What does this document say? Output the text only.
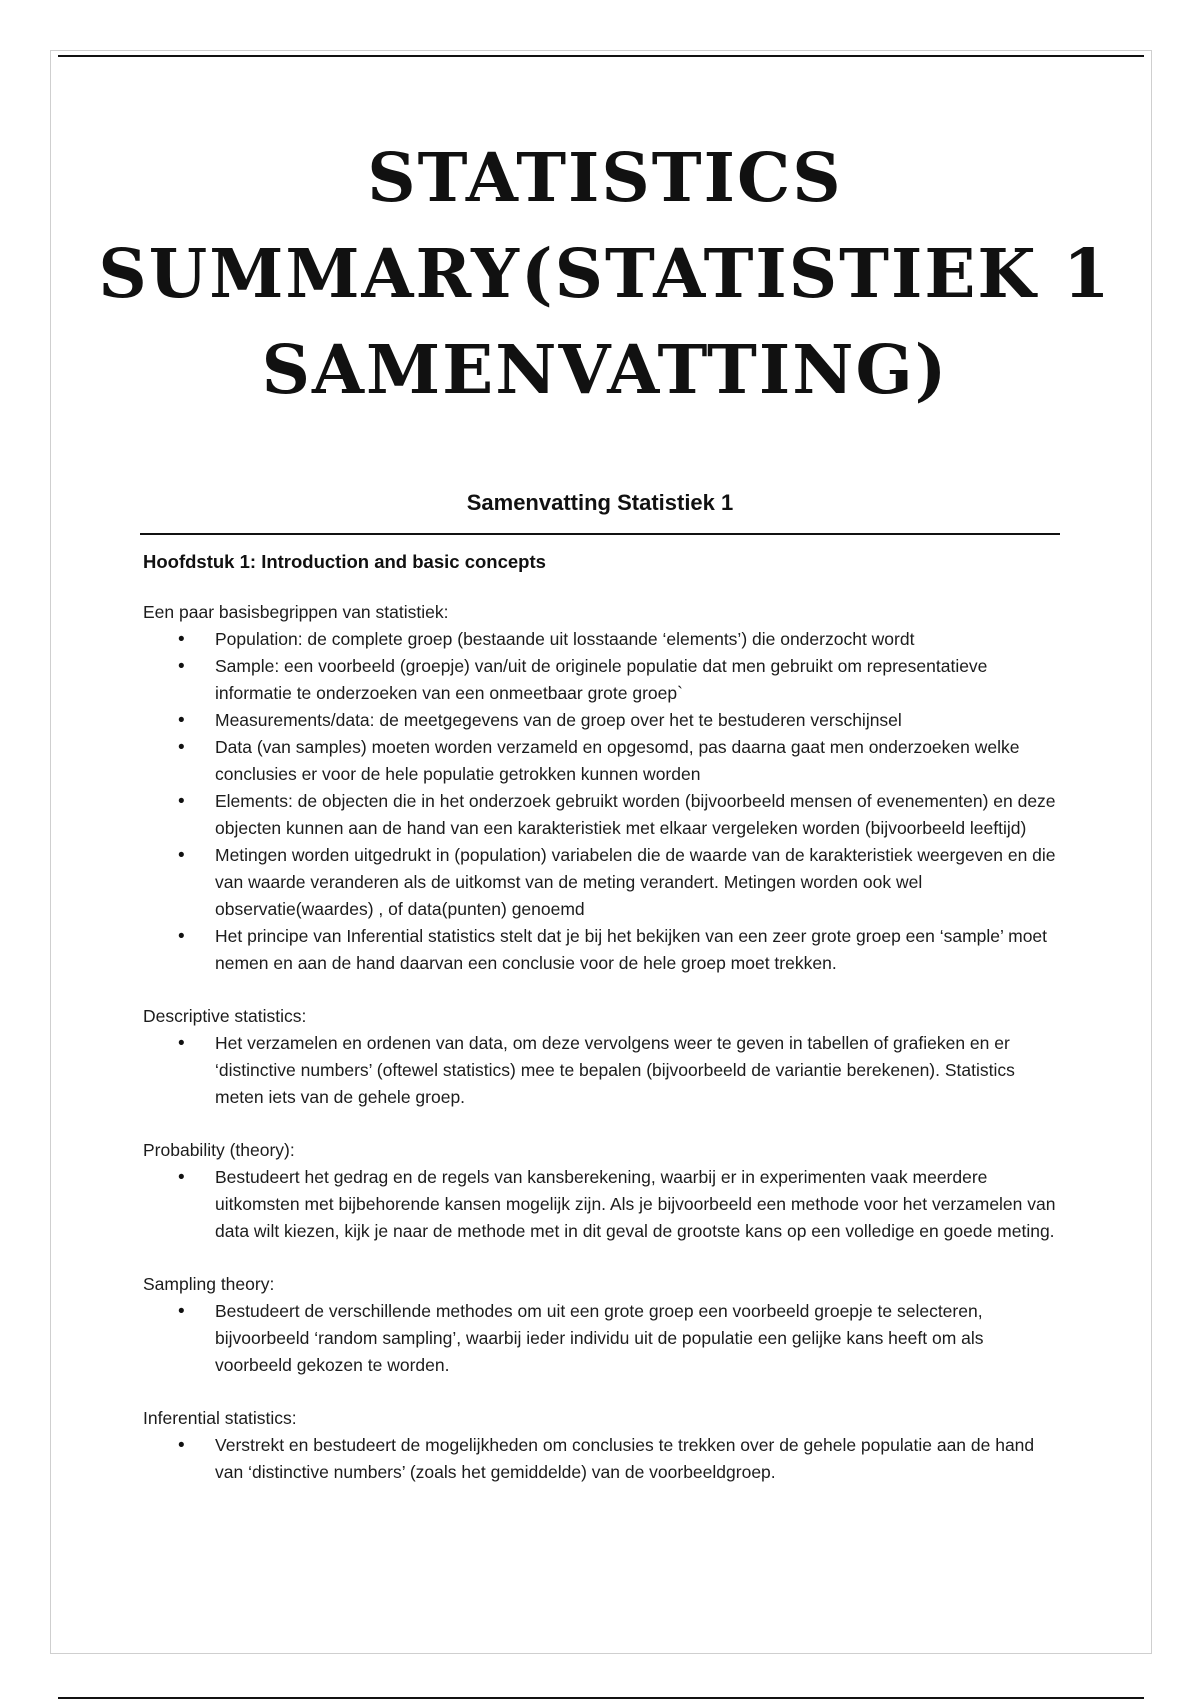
STATISTICS
SUMMARY(STATISTIEK 1
SAMENVATTING)
Samenvatting Statistiek 1
Hoofdstuk 1: Introduction and basic concepts

Een paar basisbegrippen van statistiek:

• Population: de complete groep (bestaande uit losstaande ‘elements’) die onderzocht wordt
• Sample: een voorbeeld (groepje) van/uit de originele populatie dat men gebruikt om representatieve informatie te onderzoeken van een onmeetbaar grote groep`
• Measurements/data: de meetgegevens van de groep over het te bestuderen verschijnsel
• Data (van samples) moeten worden verzameld en opgesomd, pas daarna gaat men onderzoeken welke conclusies er voor de hele populatie getrokken kunnen worden
• Elements: de objecten die in het onderzoek gebruikt worden (bijvoorbeeld mensen of evenementen) en deze objecten kunnen aan de hand van een karakteristiek met elkaar vergeleken worden (bijvoorbeeld leeftijd)
• Metingen worden uitgedrukt in (population) variabelen die de waarde van de karakteristiek weergeven en die van waarde veranderen als de uitkomst van de meting verandert. Metingen worden ook wel observatie(waardes) , of data(punten) genoemd
• Het principe van Inferential statistics stelt dat je bij het bekijken van een zeer grote groep een ‘sample’ moet nemen en aan de hand daarvan een conclusie voor de hele groep moet trekken.

Descriptive statistics:

• Het verzamelen en ordenen van data, om deze vervolgens weer te geven in tabellen of grafieken en er ‘distinctive numbers’ (oftewel statistics) mee te bepalen (bijvoorbeeld de variantie berekenen). Statistics meten iets van de gehele groep.

Probability (theory):

• Bestudeert het gedrag en de regels van kansberekening, waarbij er in experimenten vaak meerdere uitkomsten met bijbehorende kansen mogelijk zijn. Als je bijvoorbeeld een methode voor het verzamelen van data wilt kiezen, kijk je naar de methode met in dit geval de grootste kans op een volledige en goede meting.

Sampling theory:

• Bestudeert de verschillende methodes om uit een grote groep een voorbeeld groepje te selecteren, bijvoorbeeld ‘random sampling’, waarbij ieder individu uit de populatie een gelijke kans heeft om als voorbeeld gekozen te worden.

Inferential statistics:

• Verstrekt en bestudeert de mogelijkheden om conclusies te trekken over de gehele populatie aan de hand van ‘distinctive numbers’ (zoals het gemiddelde) van de voorbeeldgroep.
